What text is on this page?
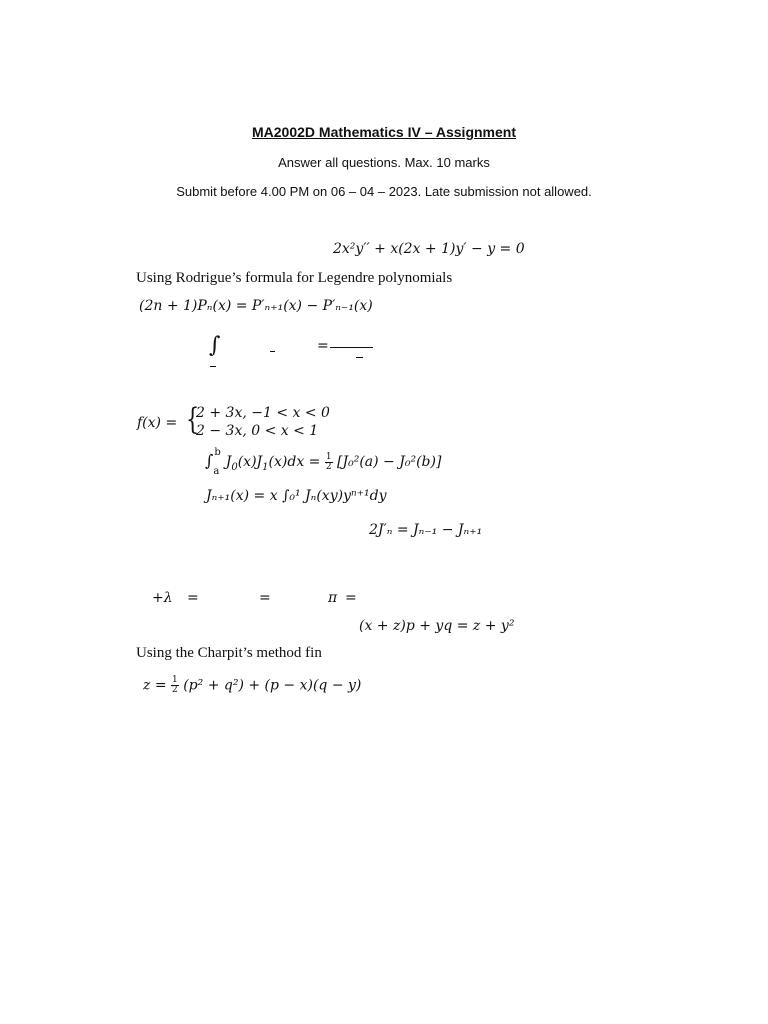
MA2002D Mathematics IV – Assignment
Answer all questions. Max. 10 marks
Submit before 4.00 PM on 06 – 04 – 2023. Late submission not allowed.
2x²y′′ + x(2x + 1)y′ − y = 0
Using Rodrigue’s formula for Legendre polynomials
(2n + 1)Pₙ(x) = P′ₙ₊₁(x) − P′ₙ₋₁(x)
∫	=
f(x) = {
2 + 3x, −1 < x < 0
2 − 3x, 0 < x < 1
$\int_a^bJ_0(x)J_1(x)dx = \frac{1}{2} [J_0^2(a) - J_0^2(b)]$
Jₙ₊₁(x) = x ∫₀¹ Jₙ(xy)yⁿ⁺¹dy
2J′ₙ = Jₙ₋₁ − Jₙ₊₁
+λ =	=	π =
(x + z)p + yq = z + y²
Using the Charpit’s method fin
$z = \frac{1}{2} (p^2 + q^2) + (p - x)(q - y)$
